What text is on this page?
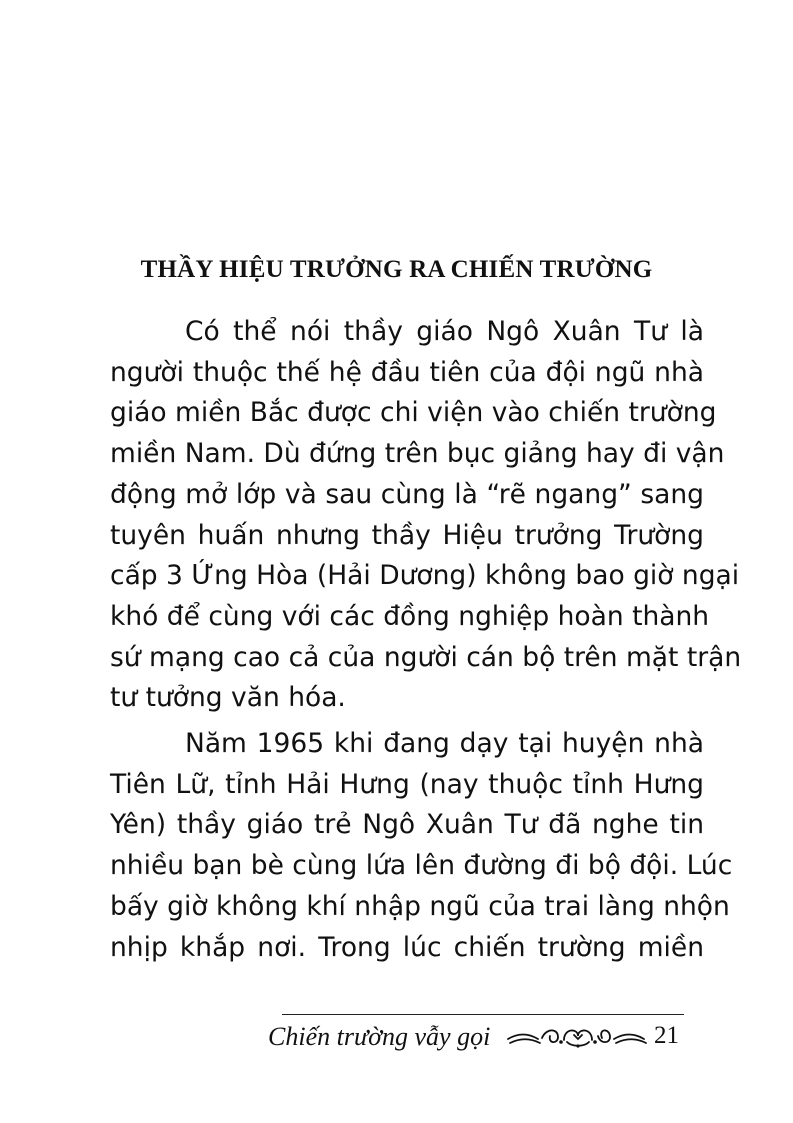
THẦY HIỆU TRƯỞNG RA CHIẾN TRƯỜNG

Có thể nói thầy giáo Ngô Xuân Tư là
người thuộc thế hệ đầu tiên của đội ngũ nhà
giáo miền Bắc được chi viện vào chiến trường
miền Nam. Dù đứng trên bục giảng hay đi vận
động mở lớp và sau cùng là “rẽ ngang” sang
tuyên huấn nhưng thầy Hiệu trưởng Trường
cấp 3 Ứng Hòa (Hải Dương) không bao giờ ngại
khó để cùng với các đồng nghiệp hoàn thành
sứ mạng cao cả của người cán bộ trên mặt trận
tư tưởng văn hóa.

Năm 1965 khi đang dạy tại huyện nhà
Tiên Lữ, tỉnh Hải Hưng (nay thuộc tỉnh Hưng
Yên) thầy giáo trẻ Ngô Xuân Tư đã nghe tin
nhiều bạn bè cùng lứa lên đường đi bộ đội. Lúc
bấy giờ không khí nhập ngũ của trai làng nhộn
nhịp khắp nơi. Trong lúc chiến trường miền

Chiến trường vẫy gọi	21
